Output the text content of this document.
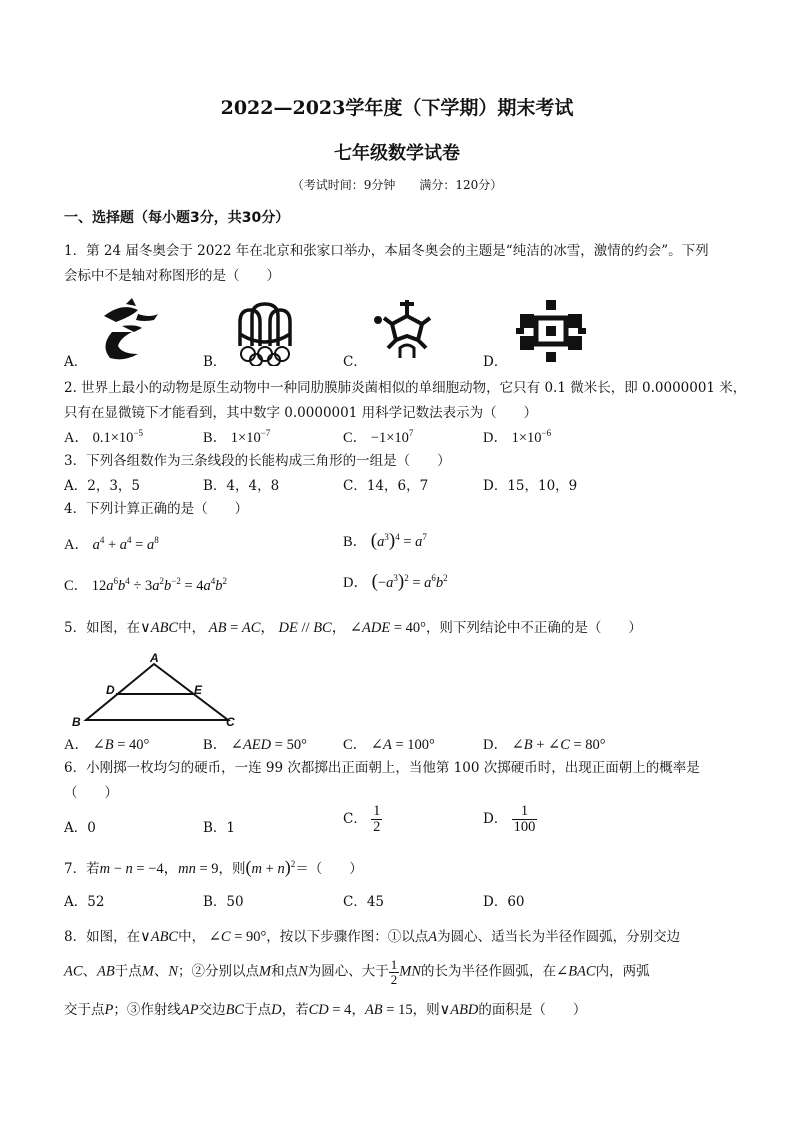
2022—2023学年度（下学期）期末考试
七年级数学试卷
（考试时间：9分钟　　满分：120分）
一、选择题（每小题3分，共30分）
1．第 24 届冬奥会于 2022 年在北京和张家口举办，本届冬奥会的主题是“纯洁的冰雪，激情的约会”。下列
会标中不是轴对称图形的是（　　）
A．	B．	C．	D．
2. 世界上最小的动物是原生动物中一种同肋膜肺炎菌相似的单细胞动物，它只有 0.1 微米长，即 0.0000001 米，
只有在显微镜下才能看到，其中数字 0.0000001 用科学记数法表示为（　　）
A． $0.1\times 10^{-5}$	B． $1\times 10^{-7}$	C． $-1\times 10^7$	D． $1\times 10^{-6}$
3．下列各组数作为三条线段的长能构成三角形的一组是（　　）
A．2，3，5	B．4，4，8	C．14，6，7	D．15，10，9
4．下列计算正确的是（　　）
A． $a^4 + a^4 = a^8$	B． $(a^3)^4 = a^7$
C． $12a^6b^4 \div 3a^2b^{-2} = 4a^4b^2$	D． $(-a^3)^2 = a^6b^2$
5．如图，在∨ABC中， AB = AC， DE // BC， ∠ADE = 40°，则下列结论中不正确的是（　　）
A
D	E
B	C
A． ∠B = 40°	B． ∠AED = 50° C． ∠A = 100°	D． ∠B + ∠C = 80°
6．小刚掷一枚均匀的硬币，一连 99 次都掷出正面朝上，当他第 100 次掷硬币时，出现正面朝上的概率是
（　　）
A．0	B．1
C． $\frac{1}{2}$	D． $\frac{1}{100}$
7．若m − n = −4，mn = 9，则$(m + n)^2=$（　　）
A．52	B．50	C．45	D．60
8．如图，在∨ABC中， ∠C = 90°，按以下步骤作图：①以点A为圆心、适当长为半径作圆弧，分别交边
AC、AB于点M、N；②分别以点M和点N为圆心、大于 $\frac{1}{2}$ MN的长为半径作圆弧，在∠BAC内，两弧
交于点P；③作射线AP交边BC于点D，若CD = 4，AB = 15，则∨ABD的面积是（　　）
